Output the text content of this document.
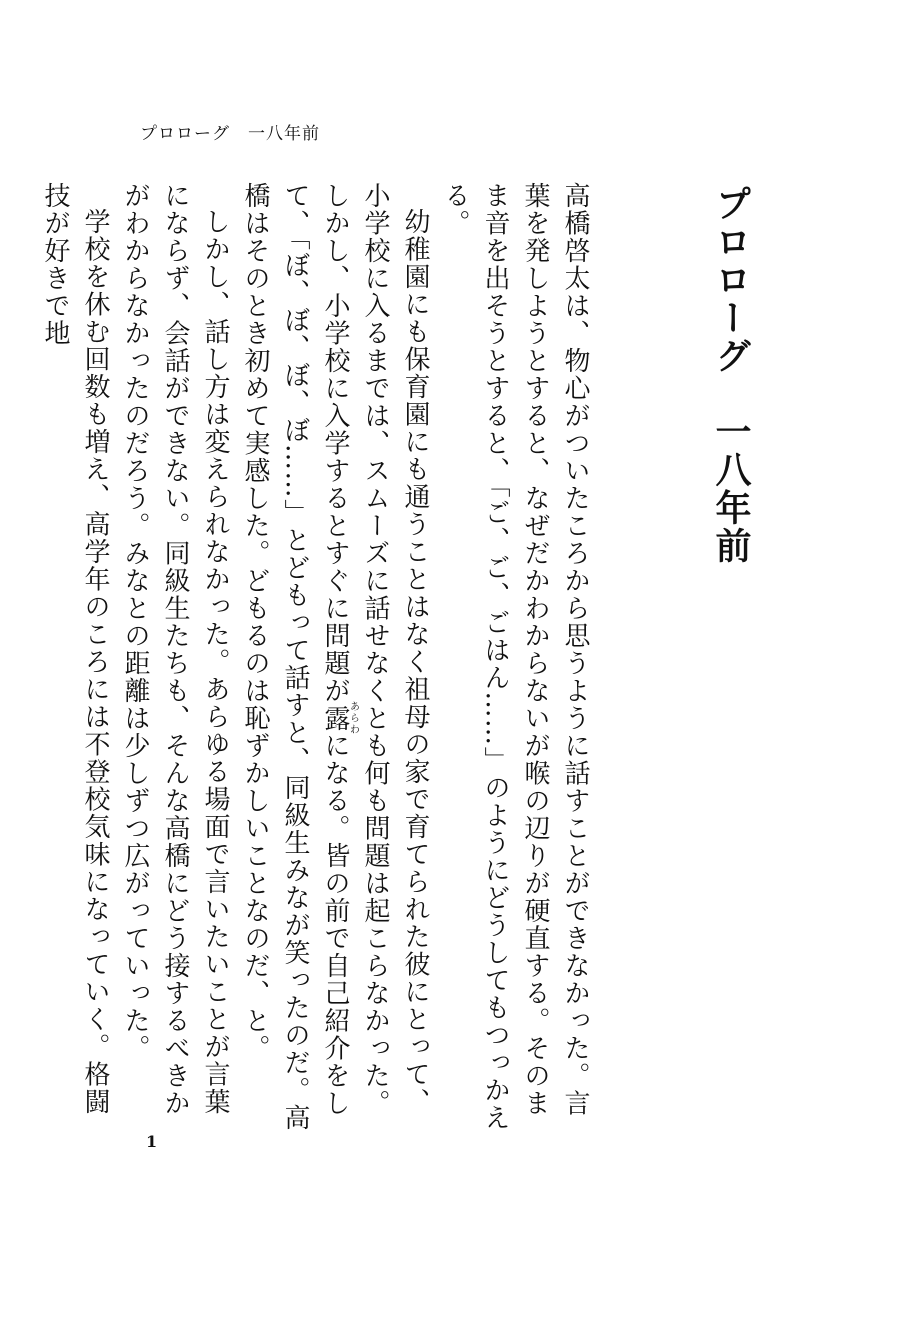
プロローグ　一八年前
プロローグ　一八年前

高橋啓太は、物心がついたころから思うように話すことができなかった。言葉を発しようとすると、なぜだかわからないが喉の辺りが硬直する。そのまま音を出そうとすると、「ご、ご、ごはん……」のようにどうしてもつっかえる。

幼稚園にも保育園にも通うことはなく祖母の家で育てられた彼にとって、小学校に入るまでは、スムーズに話せなくとも何も問題は起こらなかった。しかし、小学校に入学するとすぐに問題が露あらわになる。皆の前で自己紹介をして、「ぼ、ぼ、ぼ、ぼ……」とどもって話すと、同級生みなが笑ったのだ。高橋はそのとき初めて実感した。どもるのは恥ずかしいことなのだ、と。

しかし、話し方は変えられなかった。あらゆる場面で言いたいことが言葉にならず、会話ができない。同級生たちも、そんな高橋にどう接するべきかがわからなかったのだろう。みなとの距離は少しずつ広がっていった。

学校を休む回数も増え、高学年のころには不登校気味になっていく。格闘技が好きで地

1
